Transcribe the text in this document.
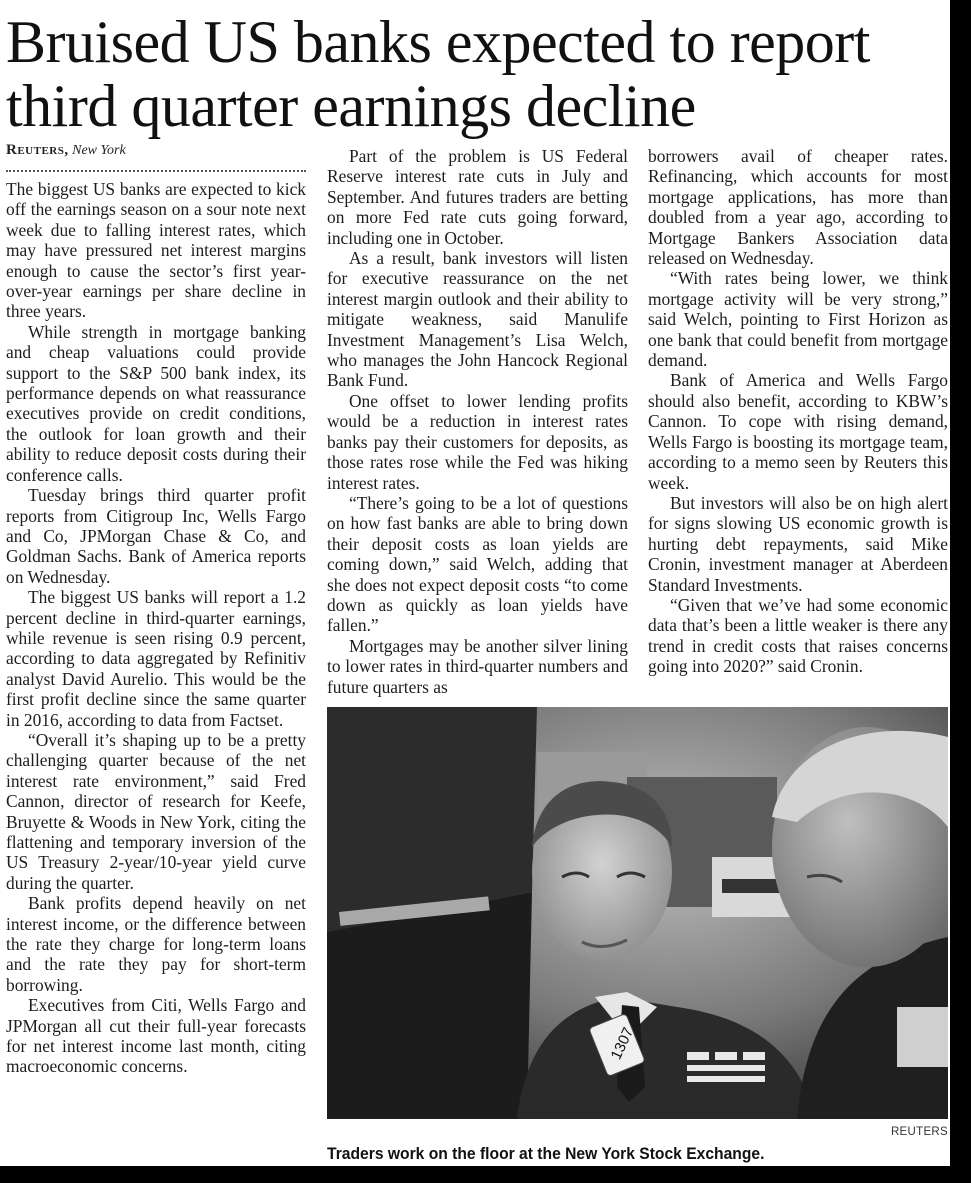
Bruised US banks expected to report third quarter earnings decline
Reuters, New York

The biggest US banks are expected to kick off the earnings season on a sour note next week due to falling interest rates, which may have pressured net interest margins enough to cause the sector’s first year-over-year earnings per share decline in three years.

While strength in mortgage banking and cheap valuations could provide support to the S&P 500 bank index, its performance depends on what reassurance executives provide on credit conditions, the outlook for loan growth and their ability to reduce deposit costs during their conference calls.

Tuesday brings third quarter profit reports from Citigroup Inc, Wells Fargo and Co, JPMorgan Chase & Co, and Goldman Sachs. Bank of America reports on Wednesday.

The biggest US banks will report a 1.2 percent decline in third-quarter earnings, while revenue is seen rising 0.9 percent, according to data aggregated by Refinitiv analyst David Aurelio. This would be the first profit decline since the same quarter in 2016, according to data from Factset.

“Overall it’s shaping up to be a pretty challenging quarter because of the net interest rate environment,” said Fred Cannon, director of research for Keefe, Bruyette & Woods in New York, citing the flattening and temporary inversion of the US Treasury 2-year/10-year yield curve during the quarter.

Bank profits depend heavily on net interest income, or the difference between the rate they charge for long-term loans and the rate they pay for short-term borrowing.

Executives from Citi, Wells Fargo and JPMorgan all cut their full-year forecasts for net interest income last month, citing macroeconomic concerns.

Part of the problem is US Federal Reserve interest rate cuts in July and September. And futures traders are betting on more Fed rate cuts going forward, including one in October.

As a result, bank investors will listen for executive reassurance on the net interest margin outlook and their ability to mitigate weakness, said Manulife Investment Management’s Lisa Welch, who manages the John Hancock Regional Bank Fund.

One offset to lower lending profits would be a reduction in interest rates banks pay their customers for deposits, as those rates rose while the Fed was hiking interest rates.

“There’s going to be a lot of questions on how fast banks are able to bring down their deposit costs as loan yields are coming down,” said Welch, adding that she does not expect deposit costs “to come down as quickly as loan yields have fallen.”

Mortgages may be another silver lining to lower rates in third-quarter numbers and future quarters as

borrowers avail of cheaper rates. Refinancing, which accounts for most mortgage applications, has more than doubled from a year ago, according to Mortgage Bankers Association data released on Wednesday.

“With rates being lower, we think mortgage activity will be very strong,” said Welch, pointing to First Horizon as one bank that could benefit from mortgage demand.

Bank of America and Wells Fargo should also benefit, according to KBW’s Cannon. To cope with rising demand, Wells Fargo is boosting its mortgage team, according to a memo seen by Reuters this week.

But investors will also be on high alert for signs slowing US economic growth is hurting debt repayments, said Mike Cronin, investment manager at Aberdeen Standard Investments.

“Given that we’ve had some economic data that’s been a little weaker is there any trend in credit costs that raises concerns going into 2020?” said Cronin.

1307
REUTERS
Traders work on the floor at the New York Stock Exchange.
